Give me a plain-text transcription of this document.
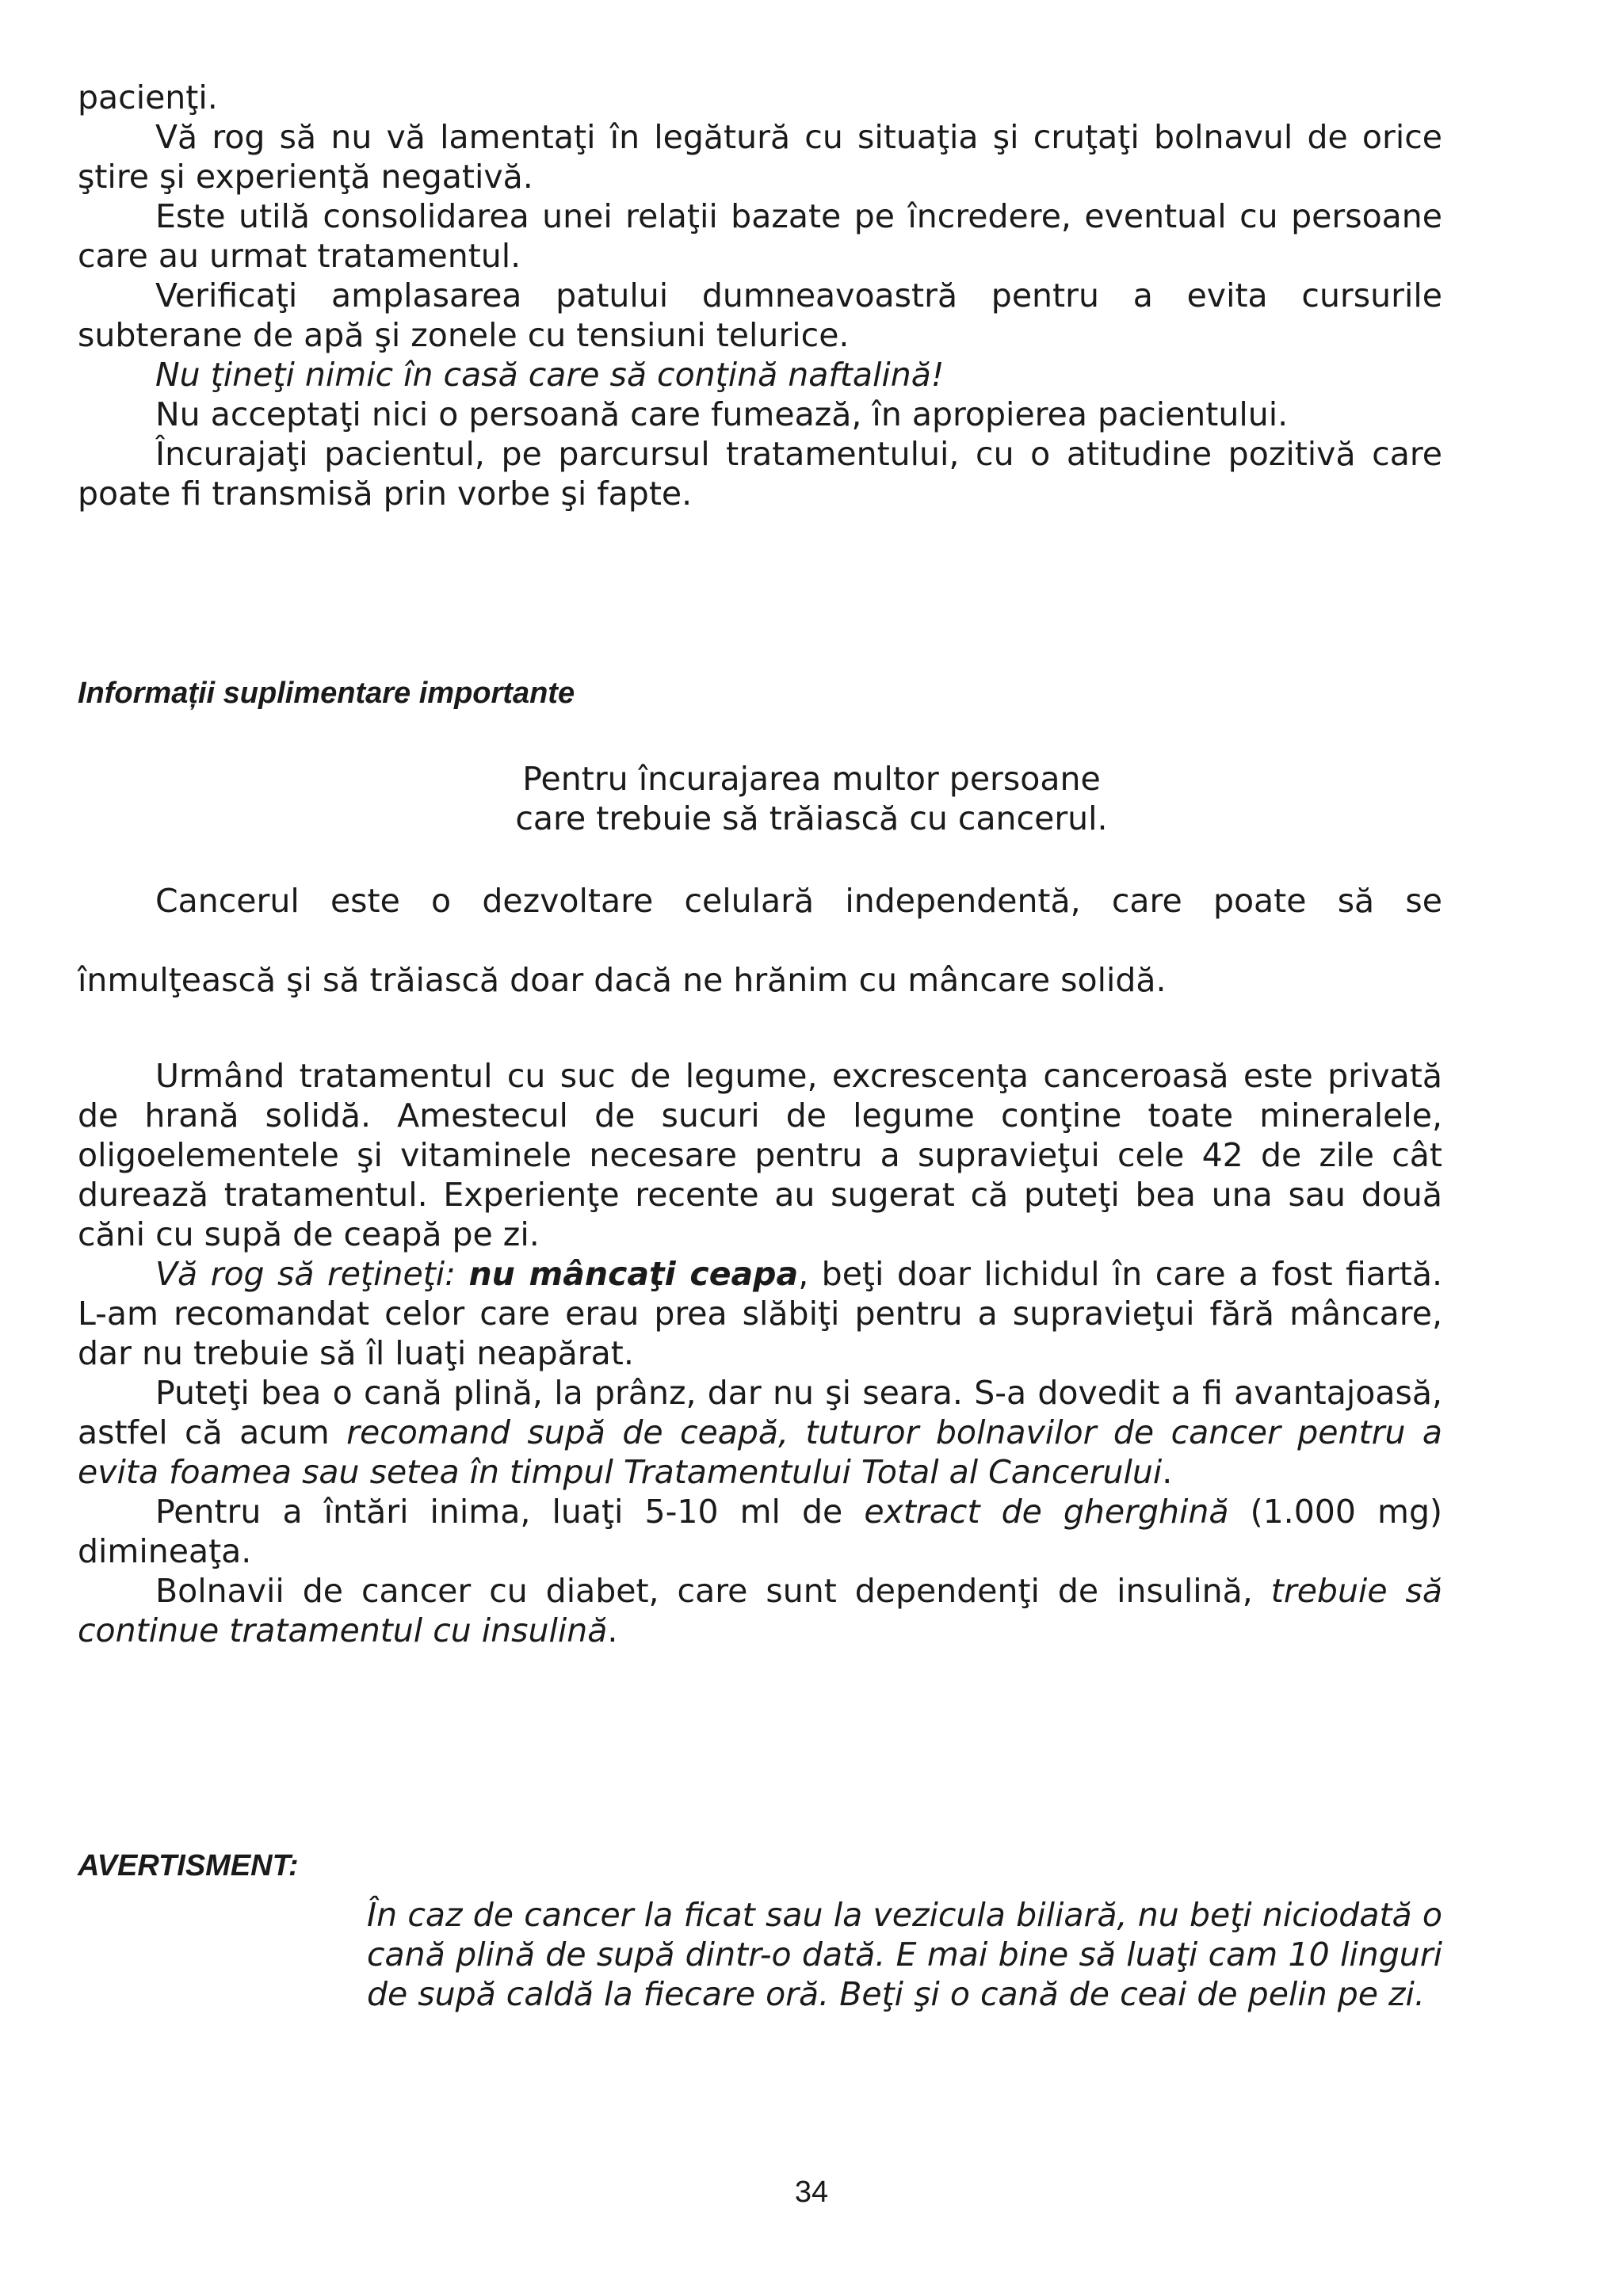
pacienţi.

Vă rog să nu vă lamentaţi în legătură cu situaţia şi cruţaţi bolnavul de orice ştire şi experienţă negativă.

Este utilă consolidarea unei relaţii bazate pe încredere, eventual cu persoane care au urmat tratamentul.

Verificaţi amplasarea patului dumneavoastră pentru a evita cursurile subterane de apă şi zonele cu tensiuni telurice.

Nu ţineţi nimic în casă care să conţină naftalină!

Nu acceptaţi nici o persoană care fumează, în apropierea pacientului.

Încurajaţi pacientul, pe parcursul tratamentului, cu o atitudine pozitivă care poate fi transmisă prin vorbe şi fapte.

Informații suplimentare importante
Pentru încurajarea multor persoane
care trebuie să trăiască cu cancerul.

Cancerul este o dezvoltare celulară independentă, care poate să se

înmulţească şi să trăiască doar dacă ne hrănim cu mâncare solidă.

Urmând tratamentul cu suc de legume, excrescenţa canceroasă este privată de hrană solidă. Amestecul de sucuri de legume conţine toate mineralele, oligoelementele şi vitaminele necesare pentru a supravieţui cele 42 de zile cât durează tratamentul. Experienţe recente au sugerat că puteţi bea una sau două căni cu supă de ceapă pe zi.

Vă rog să reţineţi: nu mâncaţi ceapa, beţi doar lichidul în care a fost fiartă. L-am recomandat celor care erau prea slăbiţi pentru a supravieţui fără mâncare, dar nu trebuie să îl luaţi neapărat.

Puteţi bea o cană plină, la prânz, dar nu şi seara. S-a dovedit a fi avantajoasă, astfel că acum recomand supă de ceapă, tuturor bolnavilor de cancer pentru a evita foamea sau setea în timpul Tratamentului Total al Cancerului.

Pentru a întări inima, luaţi 5-10 ml de extract de gherghină (1.000 mg) dimineaţa.

Bolnavii de cancer cu diabet, care sunt dependenţi de insulină, trebuie să continue tratamentul cu insulină.

AVERTISMENT:

În caz de cancer la ficat sau la vezicula biliară, nu beţi niciodată o cană plină de supă dintr-o dată. E mai bine să luaţi cam 10 linguri de supă caldă la fiecare oră. Beţi şi o cană de ceai de pelin pe zi.

34
